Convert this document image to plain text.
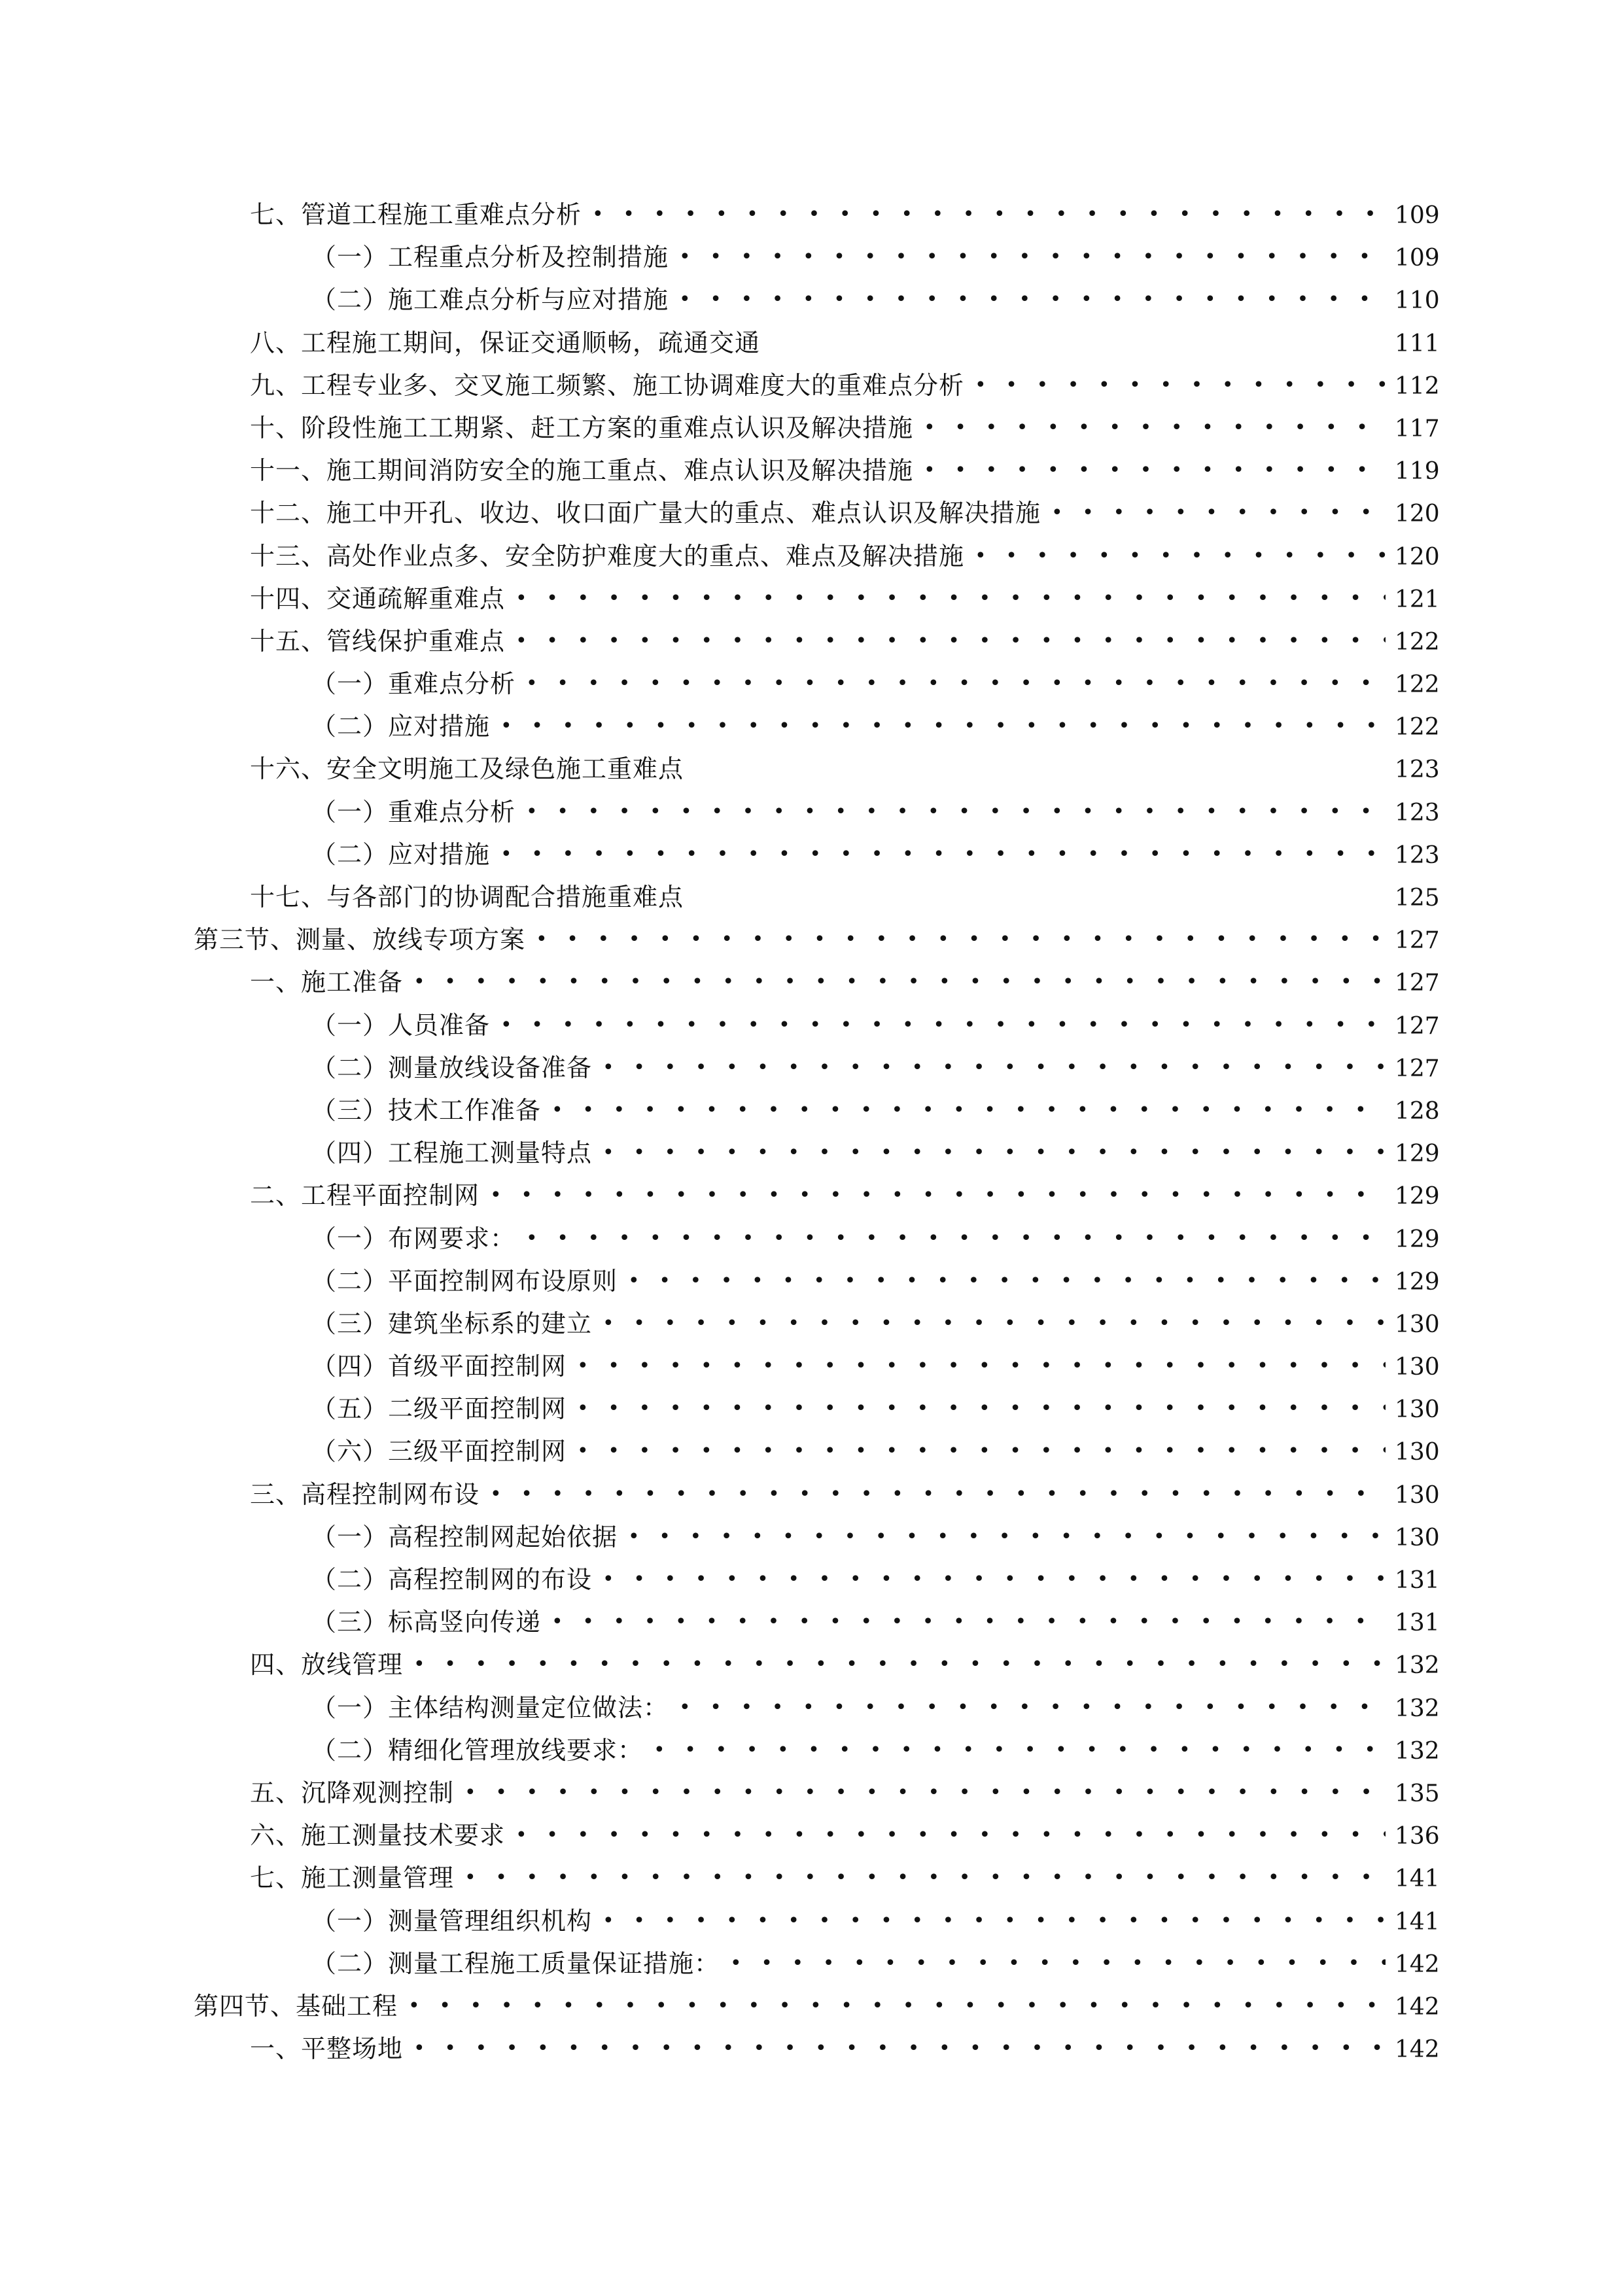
七、管道工程施工重难点分析 • • •	109
（一）工程重点分析及控制措施 • • •	109
（二）施工难点分析与应对措施 • • •	110
八、工程施工期间，保证交通顺畅，疏通交通	111
九、工程专业多、交叉施工频繁、施工协调难度大的重难点分析 • • •	112
十、阶段性施工工期紧、赶工方案的重难点认识及解决措施 • • •	117
十一、施工期间消防安全的施工重点、难点认识及解决措施 • • •	119
十二、施工中开孔、收边、收口面广量大的重点、难点认识及解决措施 • • •	120
十三、高处作业点多、安全防护难度大的重点、难点及解决措施 • • •	120
十四、交通疏解重难点 • • •	121
十五、管线保护重难点 • • •	122
（一）重难点分析 • • •	122
（二）应对措施 • • •	122
十六、安全文明施工及绿色施工重难点	123
（一）重难点分析 • • •	123
（二）应对措施 • • •	123
十七、与各部门的协调配合措施重难点	125
第三节、测量、放线专项方案 • • •	127
一、施工准备 • • •	127
（一）人员准备 • • •	127
（二）测量放线设备准备 • • •	127
（三）技术工作准备 • • •	128
（四）工程施工测量特点 • • •	129
二、工程平面控制网 • • •	129
（一）布网要求： • • •	129
（二）平面控制网布设原则 • • •	129
（三）建筑坐标系的建立 • • •	130
（四）首级平面控制网 • • •	130
（五）二级平面控制网 • • •	130
（六）三级平面控制网 • • •	130
三、高程控制网布设 • • •	130
（一）高程控制网起始依据 • • •	130
（二）高程控制网的布设 • • •	131
（三）标高竖向传递 • • •	131
四、放线管理 • • •	132
（一）主体结构测量定位做法： • • •	132
（二）精细化管理放线要求： • • •	132
五、沉降观测控制 • • •	135
六、施工测量技术要求 • • •	136
七、施工测量管理 • • •	141
（一）测量管理组织机构 • • •	141
（二）测量工程施工质量保证措施： • • •	142
第四节、基础工程 • • •	142
一、平整场地 • • •	142
